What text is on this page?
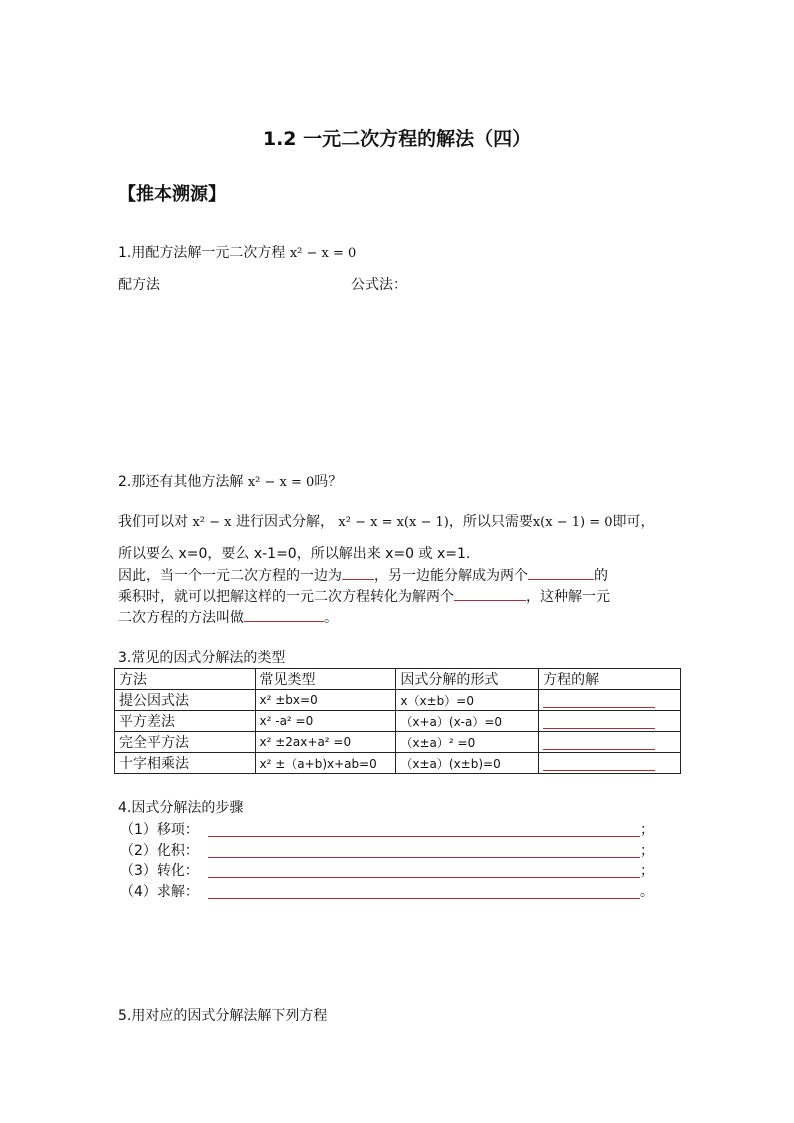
1.2 一元二次方程的解法（四）
【推本溯源】
1.用配方法解一元二次方程 x² − x = 0
配方法	公式法：
2.那还有其他方法解 x² − x = 0吗？
我们可以对 x² − x 进行因式分解， x² − x = x(x − 1)，所以只需要x(x − 1) = 0即可，
所以要么 x=0，要么 x-1=0，所以解出来 x=0 或 x=1.
因此，当一个一元二次方程的一边为 ，另一边能分解成为两个	的
乘积时，就可以把解这样的一元二次方程转化为解两个	，这种解一元
二次方程的方法叫做	。
3.常见的因式分解法的类型
方法	常见类型	因式分解的形式	方程的解
提公因式法	x² ±bx=0	x（x±b）=0	

平方差法	x² -a² =0	（x+a）(x-a）=0	

完全平方法	x² ±2ax+a² =0	（x±a）² =0	

十字相乘法	x² ±（a+b)x+ab=0	（x±a）(x±b)=0	
4.因式分解法的步骤
（1）移项：	；
（2）化积：	；
（3）转化：	；
（4）求解：	。
5.用对应的因式分解法解下列方程
